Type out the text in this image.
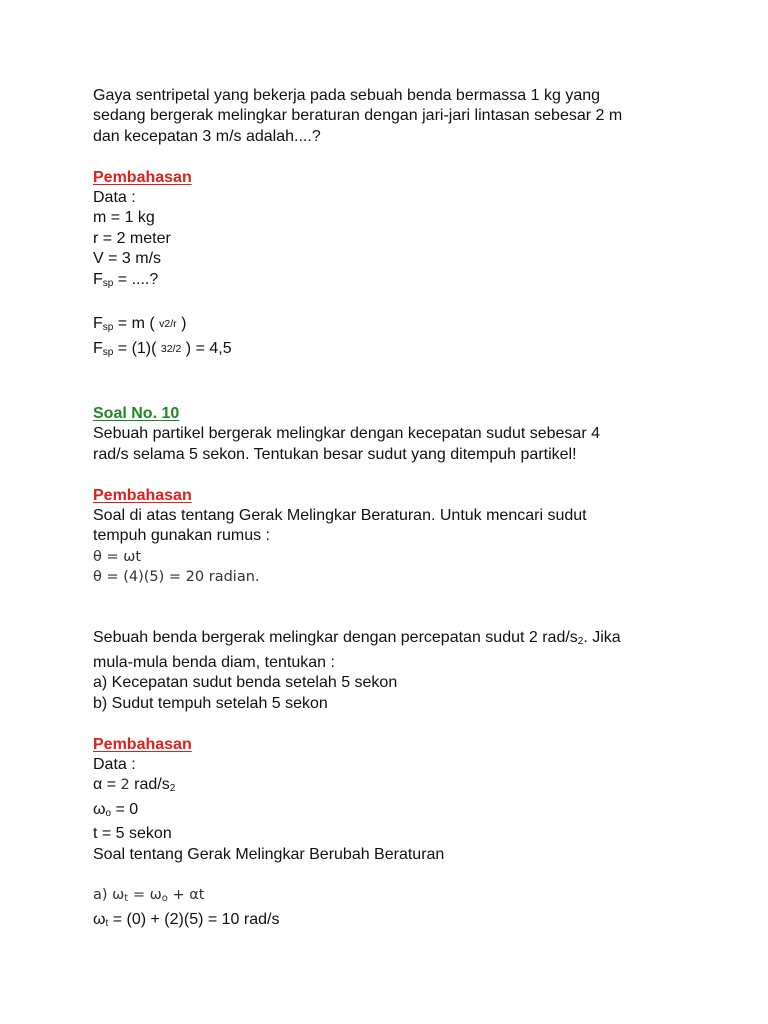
Gaya sentripetal yang bekerja pada sebuah benda bermassa 1 kg yang
sedang bergerak melingkar beraturan dengan jari-jari lintasan sebesar 2 m
dan kecepatan 3 m/s adalah....?
Pembahasan
Data :
m = 1 kg
r = 2 meter
V = 3 m/s
$F_{sp}$ = ....?
$F_{sp} = m$ ( v2/r )
$F_{sp} = (1)$( 32/2 ) = 4,5
Soal No. 10
Sebuah partikel bergerak melingkar dengan kecepatan sudut sebesar 4
rad/s selama 5 sekon. Tentukan besar sudut yang ditempuh partikel!
Pembahasan
Soal di atas tentang Gerak Melingkar Beraturan. Untuk mencari sudut
tempuh gunakan rumus :
θ = ωt
θ = (4)(5) = 20 radian.
Sebuah benda bergerak melingkar dengan percepatan sudut 2 rad/$s_2$. Jika
mula-mula benda diam, tentukan :
a) Kecepatan sudut benda setelah 5 sekon
b) Sudut tempuh setelah 5 sekon
Pembahasan
Data :
α = 2 rad/$s_2$
$\omega_o = 0$
t = 5 sekon
Soal tentang Gerak Melingkar Berubah Beraturan
a) $\omega_t = \omega_o + \alpha t$
$\omega_t = (0) + (2)(5) = 10$ rad/s
